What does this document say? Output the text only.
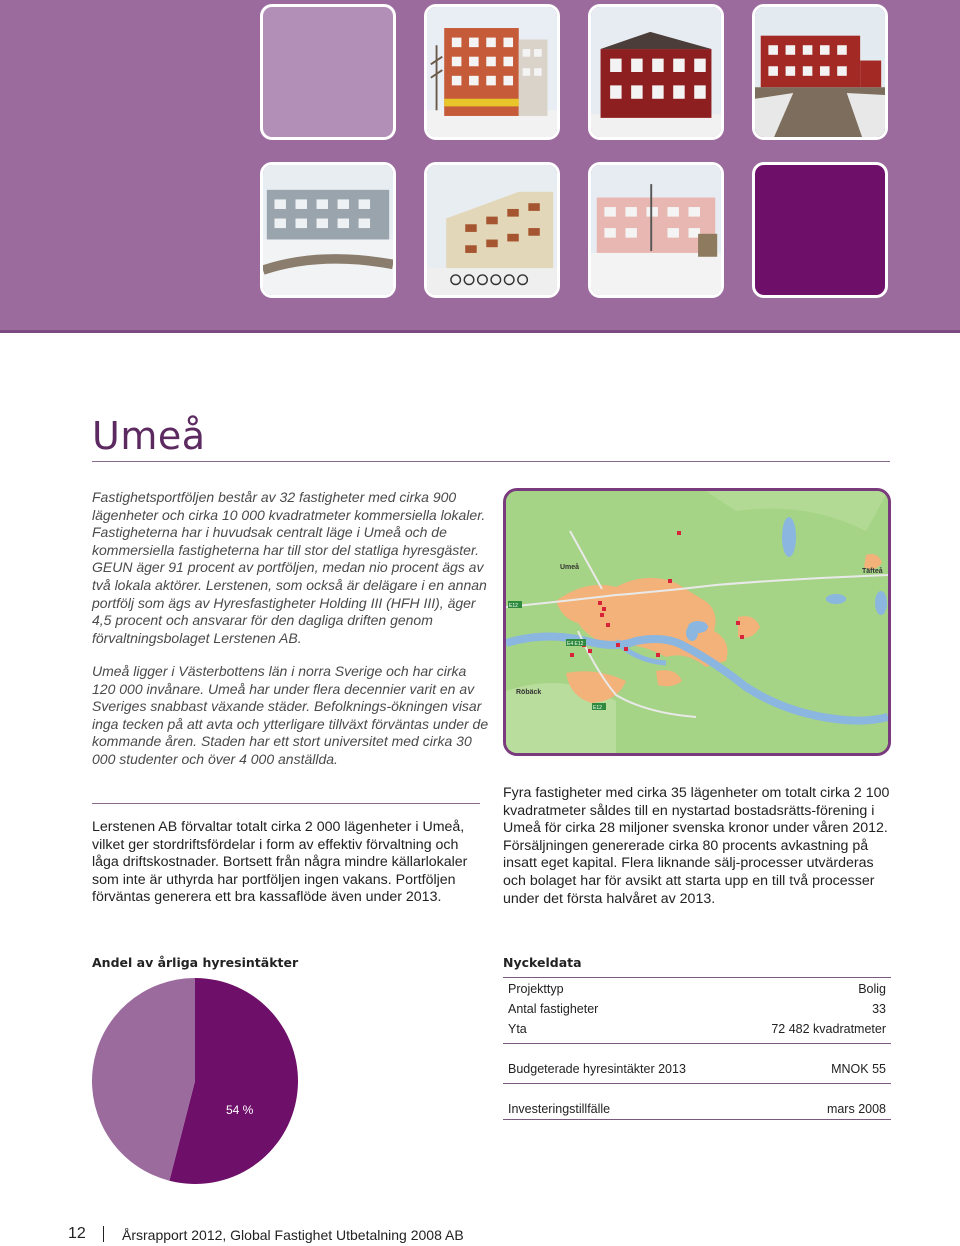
Umeå

Fastighetsportföljen består av 32 fastigheter med cirka 900 lägenheter och cirka 10 000 kvadratmeter kommersiella lokaler. Fastigheterna har i huvudsak centralt läge i Umeå och de kommersiella fastigheterna har till stor del statliga hyresgäster. GEUN äger 91 procent av portföljen, medan nio procent ägs av två lokala aktörer. Lerstenen, som också är delägare i en annan portfölj som ägs av Hyresfastigheter Holding III (HFH III), äger 4,5 procent och ansvarar för den dagliga driften genom förvaltningsbolaget Lerstenen AB.

Umeå ligger i Västerbottens län i norra Sverige och har cirka 120 000 invånare. Umeå har under flera decennier varit en av Sveriges snabbast växande städer. Befolknings-ökningen visar inga tecken på att avta och ytterligare tillväxt förväntas under de kommande åren. Staden har ett stort universitet med cirka 30 000 studenter och över 4 000 anställda.

Lerstenen AB förvaltar totalt cirka 2 000 lägenheter i Umeå, vilket ger stordriftsfördelar i form av effektiv förvaltning och låga driftskostnader. Bortsett från några mindre källarlokaler som inte är uthyrda har portföljen ingen vakans. Portföljen förväntas generera ett bra kassaflöde även under 2013.

Fyra fastigheter med cirka 35 lägenheter om totalt cirka 2 100 kvadratmeter såldes till en nystartad bostadsrätts-förening i Umeå för cirka 28 miljoner svenska kronor under våren 2012. Försäljningen genererade cirka 80 procents avkastning på insatt eget kapital. Flera liknande sälj-processer utvärderas och bolaget har för avsikt att starta upp en till två processer under det första halvåret av 2013.

E12
E4 E12
E12
Umeå
Täfteå
Röbäck
Andel av årliga hyresintäkter
54 %
Nyckeldata
Projekttyp	Bolig
Antal fastigheter	33
Yta	72 482 kvadratmeter
Budgeterade hyresintäkter 2013	MNOK 55
Investeringstillfälle	mars 2008
12	Årsrapport 2012, Global Fastighet Utbetalning 2008 AB
